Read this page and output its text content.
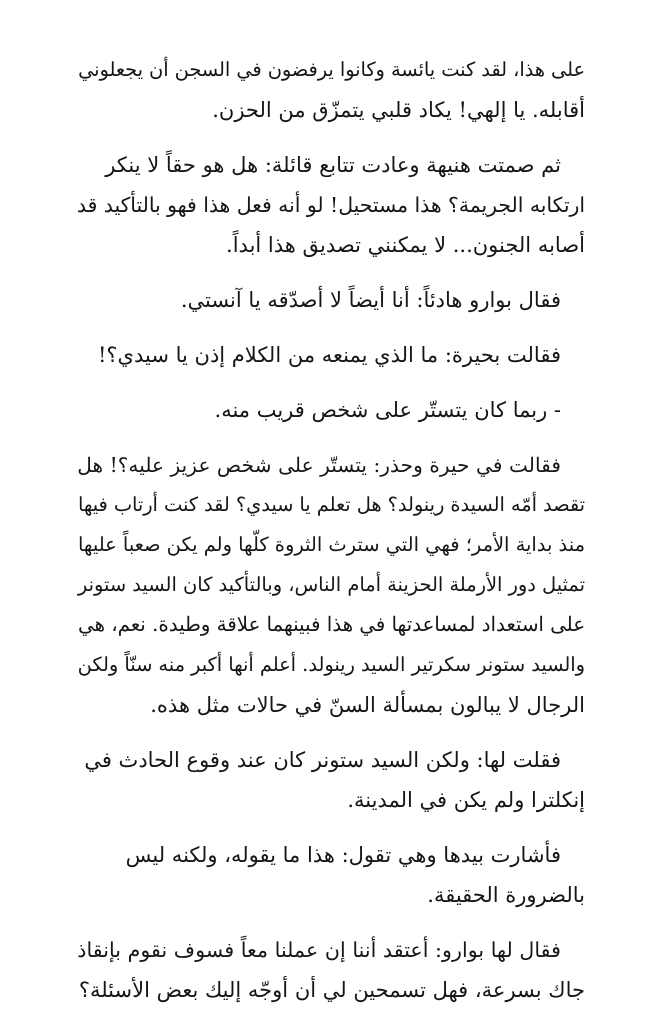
على هذا، لقد كنت يائسة وكانوا يرفضون في السجن أن يجعلوني
أقابله. يا إلهي! يكاد قلبي يتمزّق من الحزن.

ثم صمتت هنيهة وعادت تتابع قائلة: هل هو حقاً لا ينكر
ارتكابه الجريمة؟ هذا مستحيل! لو أنه فعل هذا فهو بالتأكيد قد
أصابه الجنون... لا يمكنني تصديق هذا أبداً.

فقال بوارو هادئاً: أنا أيضاً لا أصدّقه يا آنستي.

فقالت بحيرة: ما الذي يمنعه من الكلام إذن يا سيدي؟!

- ربما كان يتستّر على شخص قريب منه.

فقالت في حيرة وحذر: يتستّر على شخص عزيز عليه؟! هل
تقصد أمّه السيدة رينولد؟ هل تعلم يا سيدي؟ لقد كنت أرتاب فيها
منذ بداية الأمر؛ فهي التي سترث الثروة كلّها ولم يكن صعباً عليها
تمثيل دور الأرملة الحزينة أمام الناس، وبالتأكيد كان السيد ستونر
على استعداد لمساعدتها في هذا فبينهما علاقة وطيدة. نعم، هي
والسيد ستونر سكرتير السيد رينولد. أعلم أنها أكبر منه سنّاً ولكن
الرجال لا يبالون بمسألة السنّ في حالات مثل هذه.

فقلت لها: ولكن السيد ستونر كان عند وقوع الحادث في
إنكلترا ولم يكن في المدينة.

فأشارت بيدها وهي تقول: هذا ما يقوله، ولكنه ليس
بالضرورة الحقيقة.

فقال لها بوارو: أعتقد أننا إن عملنا معاً فسوف نقوم بإنقاذ
جاك بسرعة، فهل تسمحين لي أن أوجّه إليك بعض الأسئلة؟
